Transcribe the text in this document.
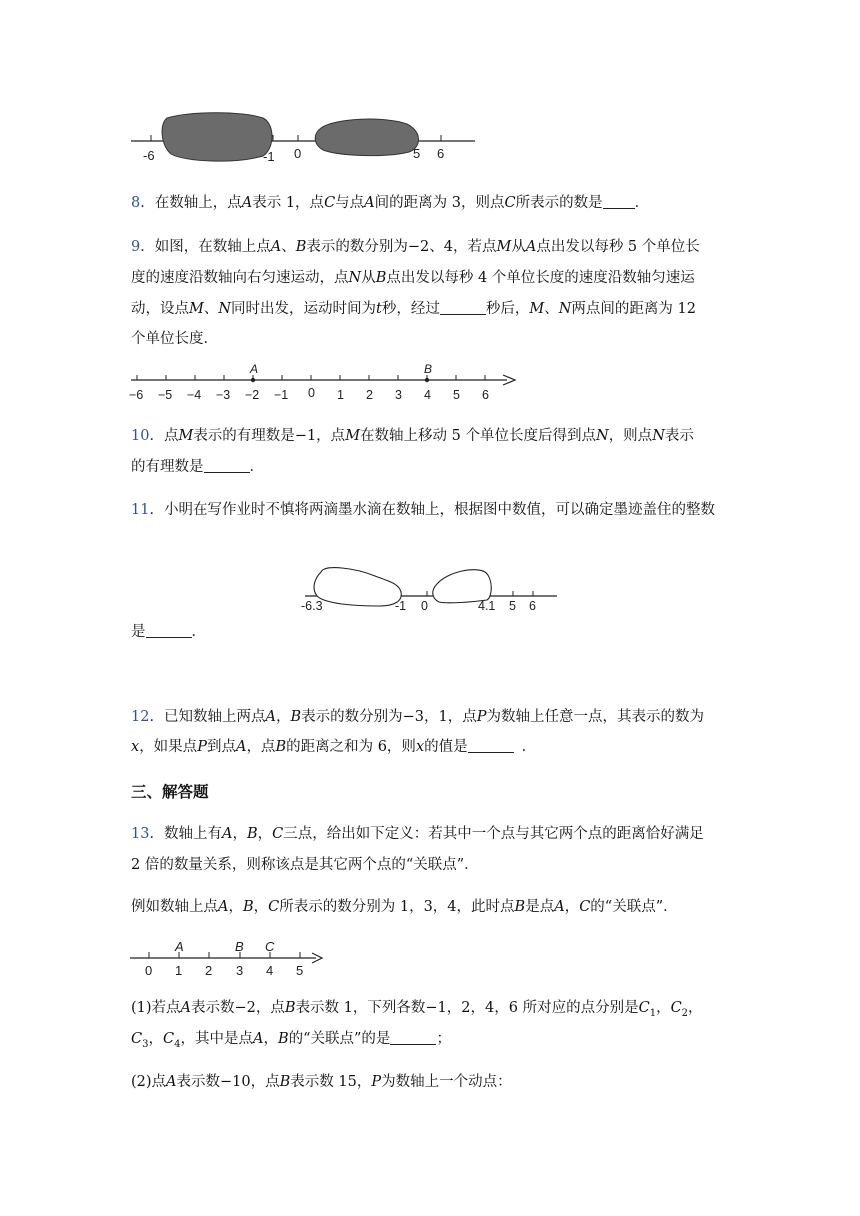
-6	-1 0	5 6
8．在数轴上，点A表示 1，点C与点A间的距离为 3，则点C所表示的数是 ．
9．如图，在数轴上点A、B表示的数分别为−2、4，若点M从A点出发以每秒 5 个单位长
度的速度沿数轴向右匀速运动，点N从B点出发以每秒 4 个单位长度的速度沿数轴匀速运
动，设点M、N同时出发，运动时间为t秒，经过	秒后，M、N两点间的距离为 12
个单位长度．
A	B
−6 −5 −4 −3 −2 −1 0 1 2 3 4 5 6
10．点M表示的有理数是−1，点M在数轴上移动 5 个单位长度后得到点N，则点N表示
的有理数是	．
11．小明在写作业时不慎将两滴墨水滴在数轴上，根据图中数值，可以确定墨迹盖住的整数
-6.3	-1 0	4.1 5 6
是	．
12．已知数轴上两点A，B表示的数分别为−3，1，点P为数轴上任意一点，其表示的数为
x，如果点P到点A，点B的距离之和为 6，则x的值是	．
三、解答题
13．数轴上有A，B，C三点，给出如下定义：若其中一个点与其它两个点的距离恰好满足
2 倍的数量关系，则称该点是其它两个点的“关联点”．
例如数轴上点A，B，C所表示的数分别为 1，3，4，此时点B是点A，C的“关联点”．
A	B C
0 1 2 3 4 5
(1)若点A表示数−2，点B表示数 1，下列各数−1，2，4，6 所对应的点分别是$C_1$，$C_2$，
$C_3$，$C_4$，其中是点A，B的“关联点”的是	；
(2)点A表示数−10，点B表示数 15，P为数轴上一个动点：
